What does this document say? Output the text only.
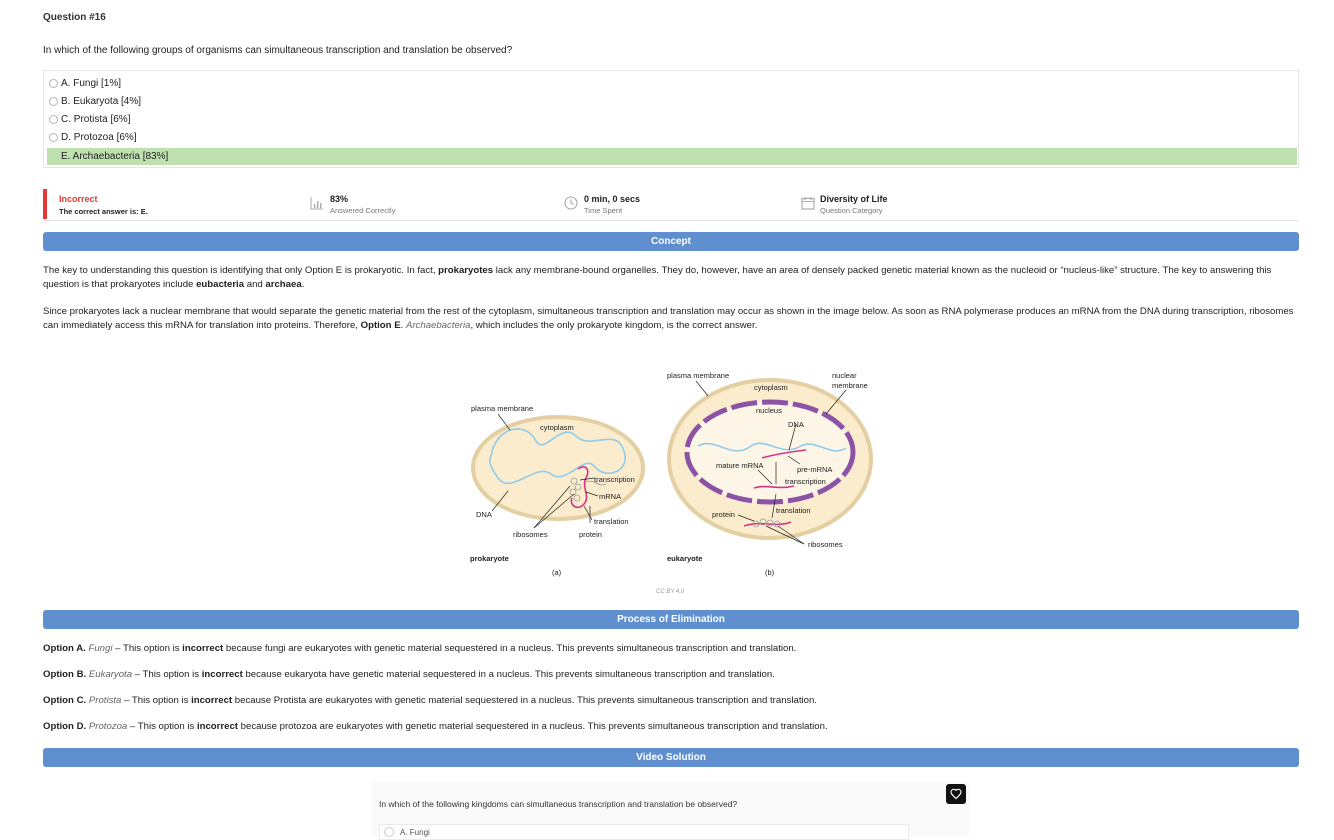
Question #16
In which of the following groups of organisms can simultaneous transcription and translation be observed?
A. Fungi [1%]
B. Eukaryota [4%]
C. Protista [6%]
D. Protozoa [6%]
E. Archaebacteria [83%]
Incorrect
The correct answer is: E.
83%
Answered Correctly
0 min, 0 secs
Time Spent
Diversity of Life
Question Category
Concept
The key to understanding this question is identifying that only Option E is prokaryotic. In fact, prokaryotes lack any membrane-bound organelles. They do, however, have an area of densely packed genetic material known as the nucleoid or “nucleus-like” structure. The key to answering this question is that prokaryotes include eubacteria and archaea.
Since prokaryotes lack a nuclear membrane that would separate the genetic material from the rest of the cytoplasm, simultaneous transcription and translation may occur as shown in the image below. As soon as RNA polymerase produces an mRNA from the DNA during transcription, ribosomes can immediately access this mRNA for translation into proteins. Therefore, Option E. Archaebacteria, which includes the only prokaryote kingdom, is the correct answer.
plasma membrane
cytoplasm
transcription
mRNA
DNA
translation
ribosomes	protein
prokaryote
(a)
plasma membrane
cytoplasm
nuclear
membrane
nucleus
DNA
mature mRNA	pre-mRNA
transcription
translation
protein
ribosomes
eukaryote
(b)
CC BY 4.0
Process of Elimination
Option A. Fungi – This option is incorrect because fungi are eukaryotes with genetic material sequestered in a nucleus. This prevents simultaneous transcription and translation.
Option B. Eukaryota – This option is incorrect because eukaryota have genetic material sequestered in a nucleus. This prevents simultaneous transcription and translation.
Option C. Protista – This option is incorrect because Protista are eukaryotes with genetic material sequestered in a nucleus. This prevents simultaneous transcription and translation.
Option D. Protozoa – This option is incorrect because protozoa are eukaryotes with genetic material sequestered in a nucleus. This prevents simultaneous transcription and translation.
Video Solution
In which of the following kingdoms can simultaneous transcription and translation be observed?
A. Fungi
